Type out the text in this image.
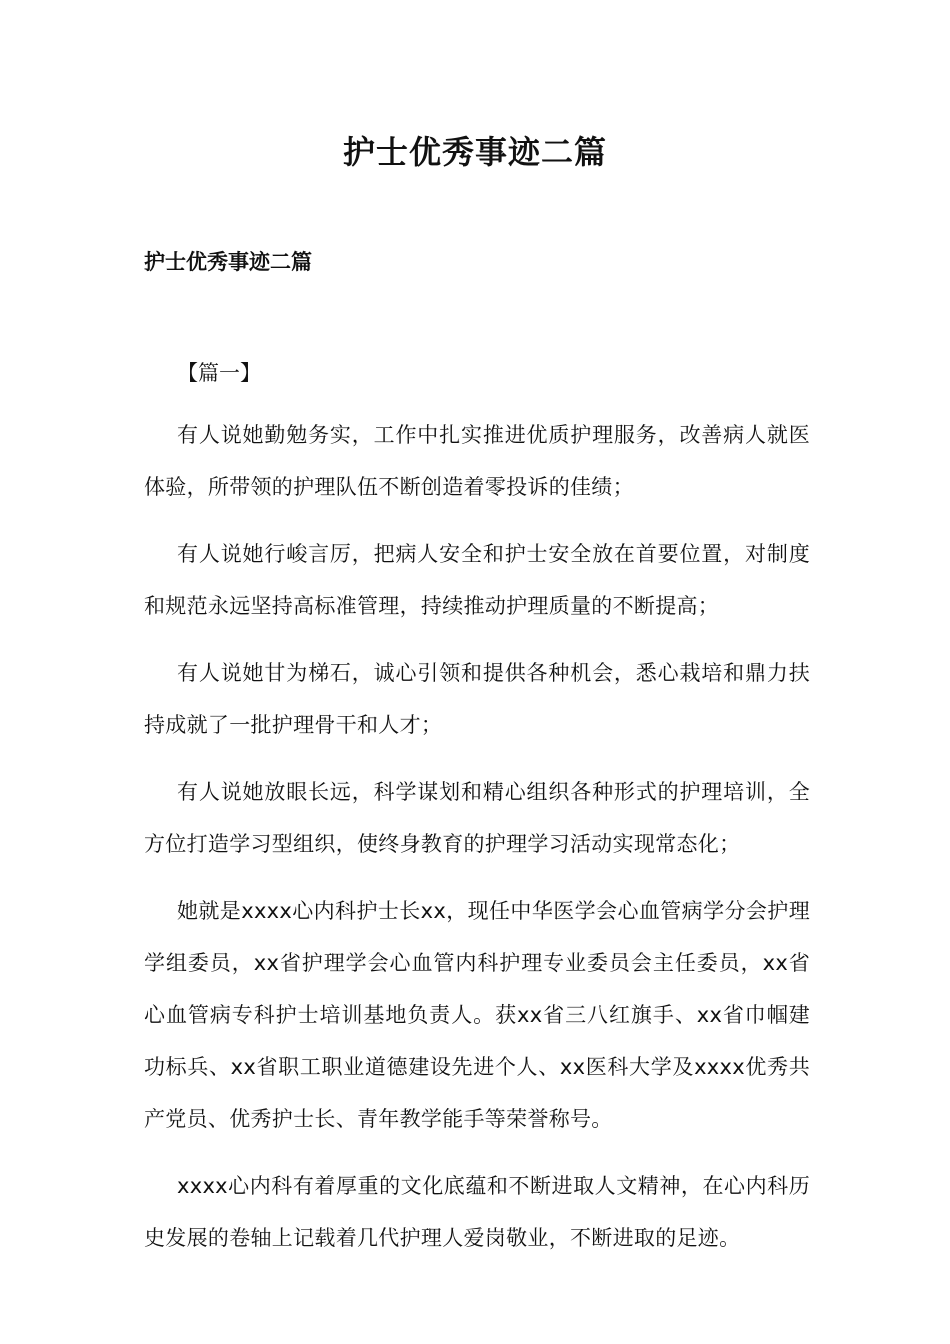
护士优秀事迹二篇
护士优秀事迹二篇

【篇一】

有人说她勤勉务实，工作中扎实推进优质护理服务，改善病人就医体验，所带领的护理队伍不断创造着零投诉的佳绩；

有人说她行峻言厉，把病人安全和护士安全放在首要位置，对制度和规范永远坚持高标准管理，持续推动护理质量的不断提高；

有人说她甘为梯石，诚心引领和提供各种机会，悉心栽培和鼎力扶持成就了一批护理骨干和人才；

有人说她放眼长远，科学谋划和精心组织各种形式的护理培训，全方位打造学习型组织，使终身教育的护理学习活动实现常态化；

她就是xxxx心内科护士长xx，现任中华医学会心血管病学分会护理学组委员，xx省护理学会心血管内科护理专业委员会主任委员，xx省心血管病专科护士培训基地负责人。获xx省三八红旗手、xx省巾帼建功标兵、xx省职工职业道德建设先进个人、xx医科大学及xxxx优秀共产党员、优秀护士长、青年教学能手等荣誉称号。

xxxx心内科有着厚重的文化底蕴和不断进取人文精神，在心内科历史发展的卷轴上记载着几代护理人爱岗敬业，不断进取的足迹。
